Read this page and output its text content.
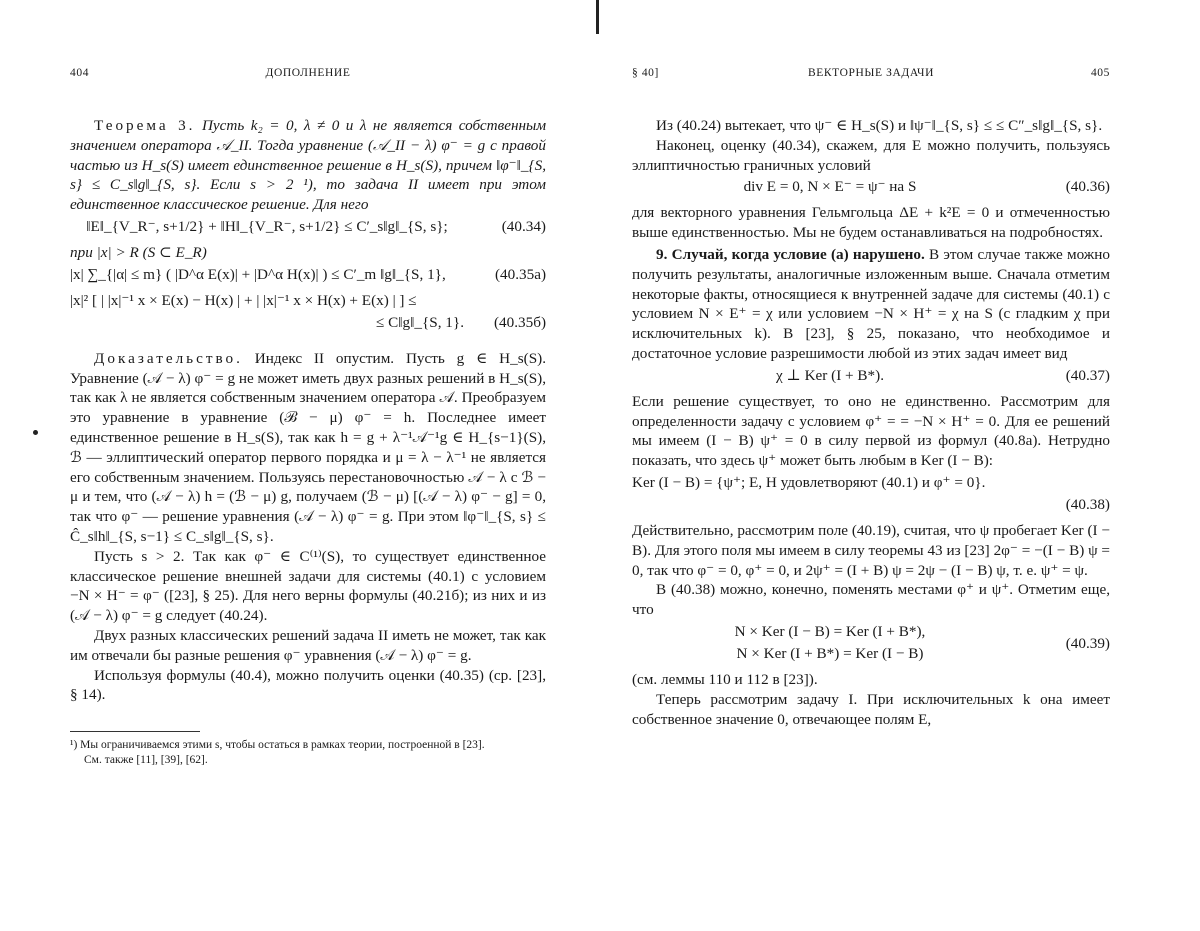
404	ДОПОЛНЕНИЕ

Теорема 3. Пусть k₂ = 0, λ ≠ 0 и λ не является собственным значением оператора 𝒜_II. Тогда уравнение (𝒜_II − λ) φ⁻ = g с правой частью из H_s(S) имеет единственное решение в H_s(S), причем ‖φ⁻‖_{S, s} ≤ C_s‖g‖_{S, s}. Если s > 2 ¹), то задача II имеет при этом единственное классическое решение. Для него

‖E‖_{V_R⁻, s+1/2} + ‖H‖_{V_R⁻, s+1/2} ≤ C′_s‖g‖_{S, s};	(40.34)

при |x| > R (S ⊂ E_R)

|x| ∑_{|α| ≤ m} ( |D^α E(x)| + |D^α H(x)| ) ≤ C′_m ‖g‖_{S, 1},	(40.35а)
|x|² [ | |x|⁻¹ x × E(x) − H(x) | + | |x|⁻¹ x × H(x) + E(x) | ] ≤
≤ C‖g‖_{S, 1}. (40.35б)

Доказательство. Индекс II опустим. Пусть g ∈ H_s(S). Уравнение (𝒜 − λ) φ⁻ = g не может иметь двух разных решений в H_s(S), так как λ не является собственным значением оператора 𝒜. Преобразуем это уравнение в уравнение (ℬ − μ) φ⁻ = h. Последнее имеет единственное решение в H_s(S), так как h = g + λ⁻¹𝒜⁻¹g ∈ H_{s−1}(S), ℬ — эллиптический оператор первого порядка и μ = λ − λ⁻¹ не является его собственным значением. Пользуясь перестановочностью 𝒜 − λ с ℬ − μ и тем, что (𝒜 − λ) h = (ℬ − μ) g, получаем (ℬ − μ) [(𝒜 − λ) φ⁻ − g] = 0, так что φ⁻ — решение уравнения (𝒜 − λ) φ⁻ = g. При этом ‖φ⁻‖_{S, s} ≤ Ĉ_s‖h‖_{S, s−1} ≤ C_s‖g‖_{S, s}.

Пусть s > 2. Так как φ⁻ ∈ C⁽¹⁾(S), то существует единственное классическое решение внешней задачи для системы (40.1) с условием −N × H⁻ = φ⁻ ([23], § 25). Для него верны формулы (40.21б); из них и из (𝒜 − λ) φ⁻ = g следует (40.24).

Двух разных классических решений задача II иметь не может, так как им отвечали бы разные решения φ⁻ уравнения (𝒜 − λ) φ⁻ = g.

Используя формулы (40.4), можно получить оценки (40.35) (ср. [23], § 14).

¹) Мы ограничиваемся этими s, чтобы остаться в рамках теории, построенной в [23].

См. также [11], [39], [62].

§ 40]	ВЕКТОРНЫЕ ЗАДАЧИ	405

Из (40.24) вытекает, что ψ⁻ ∈ H_s(S) и ‖ψ⁻‖_{S, s} ≤ ≤ C″_s‖g‖_{S, s}.

Наконец, оценку (40.34), скажем, для E можно получить, пользуясь эллиптичностью граничных условий

div E = 0, N × E⁻ = ψ⁻ на S	(40.36)

для векторного уравнения Гельмгольца ΔE + k²E = 0 и отмеченностью выше единственностью. Мы не будем останавливаться на подробностях.

9. Случай, когда условие (а) нарушено. В этом случае также можно получить результаты, аналогичные изложенным выше. Сначала отметим некоторые факты, относящиеся к внутренней задаче для системы (40.1) с условием N × E⁺ = χ или условием −N × H⁺ = χ на S (с гладким χ при исключительных k). В [23], § 25, показано, что необходимое и достаточное условие разрешимости любой из этих задач имеет вид

χ ⊥ Ker (I + B*).	(40.37)

Если решение существует, то оно не единственно. Рассмотрим для определенности задачу с условием φ⁺ = = −N × H⁺ = 0. Для ее решений мы имеем (I − B) ψ⁺ = 0 в силу первой из формул (40.8а). Нетрудно показать, что здесь ψ⁺ может быть любым в Ker (I − B):

Ker (I − B) = {ψ⁺; E, H удовлетворяют (40.1) и φ⁺ = 0}.
(40.38)

Действительно, рассмотрим поле (40.19), считая, что ψ пробегает Ker (I − B). Для этого поля мы имеем в силу теоремы 43 из [23] 2φ⁻ = −(I − B) ψ = 0, так что φ⁻ = 0, φ⁺ = 0, и 2ψ⁺ = (I + B) ψ = 2ψ − (I − B) ψ, т. е. ψ⁺ = ψ.

В (40.38) можно, конечно, поменять местами φ⁺ и ψ⁺. Отметим еще, что

N × Ker (I − B) = Ker (I + B*),
N × Ker (I + B*) = Ker (I − B)
(40.39)

(см. леммы 110 и 112 в [23]).

Теперь рассмотрим задачу I. При исключительных k она имеет собственное значение 0, отвечающее полям E,
